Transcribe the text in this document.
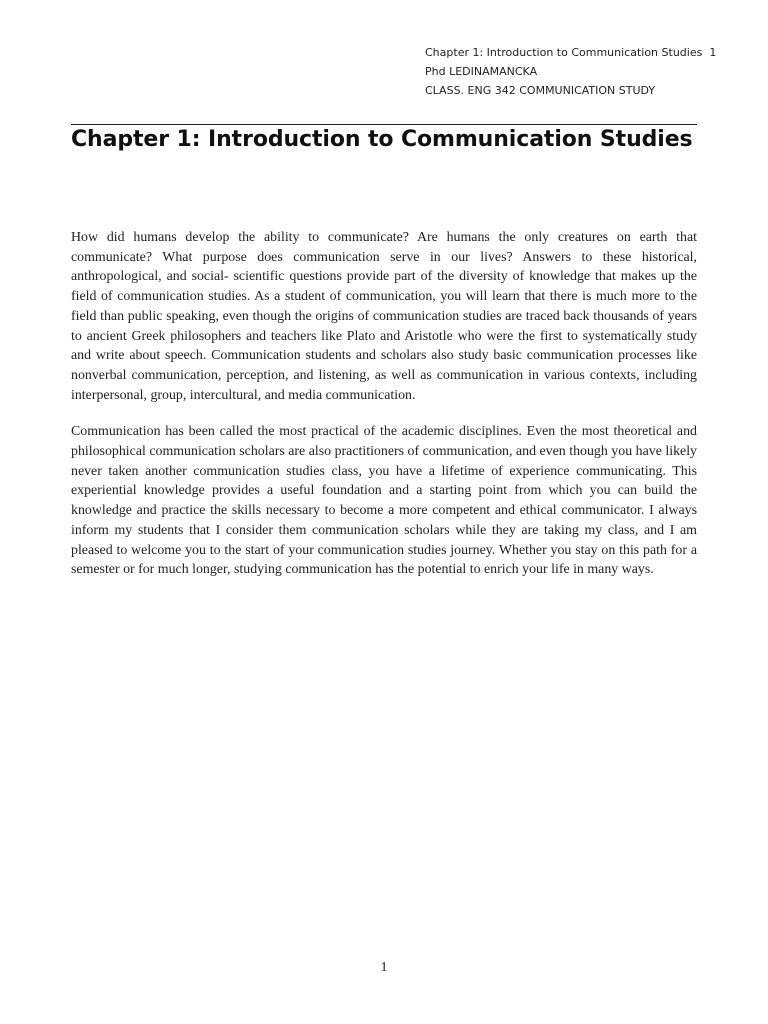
Chapter 1: Introduction to Communication Studies 1
Phd LEDINAMANCKA
CLASS. ENG 342 COMMUNICATION STUDY
Chapter 1: Introduction to Communication Studies

How did humans develop the ability to communicate? Are humans the only creatures on earth that communicate? What purpose does communication serve in our lives? Answers to these historical, anthropological, and social- scientific questions provide part of the diversity of knowledge that makes up the field of communication studies. As a student of communication, you will learn that there is much more to the field than public speaking, even though the origins of communication studies are traced back thousands of years to ancient Greek philosophers and teachers like Plato and Aristotle who were the first to systematically study and write about speech. Communication students and scholars also study basic communication processes like nonverbal communication, perception, and listening, as well as communication in various contexts, including interpersonal, group, intercultural, and media communication.

Communication has been called the most practical of the academic disciplines. Even the most theoretical and philosophical communication scholars are also practitioners of communication, and even though you have likely never taken another communication studies class, you have a lifetime of experience communicating. This experiential knowledge provides a useful foundation and a starting point from which you can build the knowledge and practice the skills necessary to become a more competent and ethical communicator. I always inform my students that I consider them communication scholars while they are taking my class, and I am pleased to welcome you to the start of your communication studies journey. Whether you stay on this path for a semester or for much longer, studying communication has the potential to enrich your life in many ways.

1
